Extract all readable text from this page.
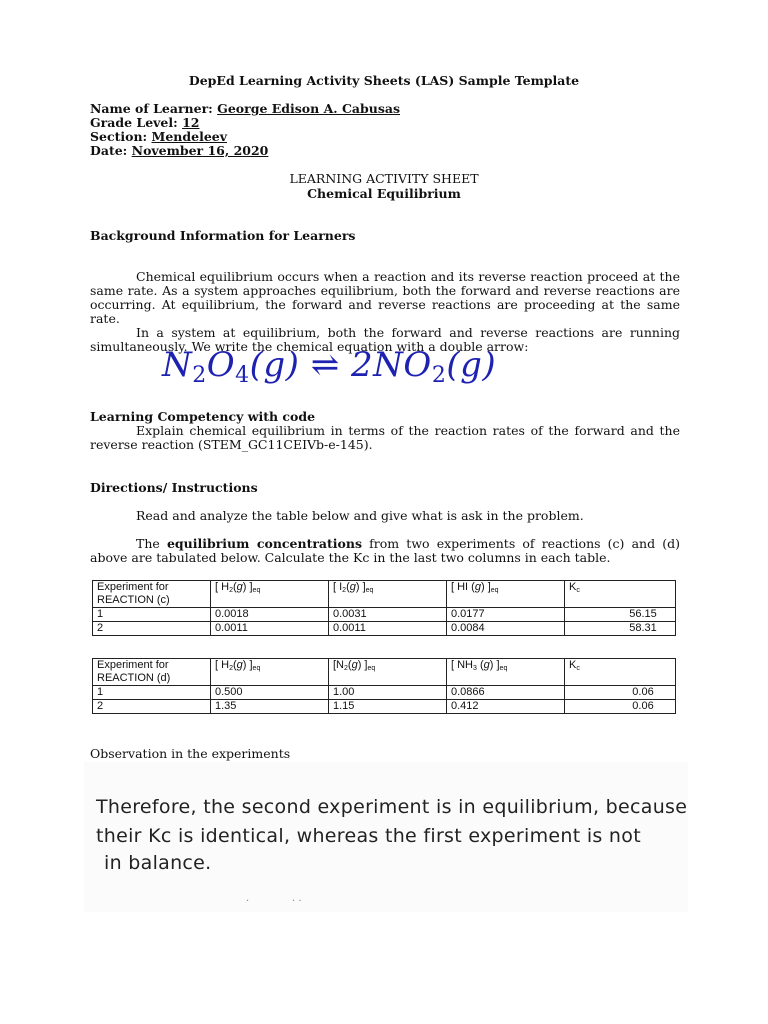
DepEd Learning Activity Sheets (LAS) Sample Template
Name of Learner: George Edison A. Cabusas
Grade Level: 12
Section: Mendeleev
Date: November 16, 2020
LEARNING ACTIVITY SHEET
Chemical Equilibrium
Background Information for Learners

Chemical equilibrium occurs when a reaction and its reverse reaction proceed at the same rate. As a system approaches equilibrium, both the forward and reverse reactions are occurring. At equilibrium, the forward and reverse reactions are proceeding at the same rate.

In a system at equilibrium, both the forward and reverse reactions are running simultaneously. We write the chemical equation with a double arrow:

$N_2O_4(g)$ ⇌ $2NO_2(g)$
Learning Competency with code
Explain chemical equilibrium in terms of the reaction rates of the forward and the reverse reaction (STEM_GC11CEIVb-e-145).
Directions/ Instructions
Read and analyze the table below and give what is ask in the problem.

The equilibrium concentrations from two experiments of reactions (c) and (d) above are tabulated below. Calculate the Kc in the last two columns in each table.

Experiment for REACTION (c)	[ $H_2(g)$ ]$_{eq}$	[ $I_2(g)$ ]$_{eq}$	[ HI (g) ]$_{eq}$	$K_c$
1	0.0018	0.0031	0.0177	56.15
2	0.0011	0.0011	0.0084	58.31
Experiment for REACTION (d)	[ $H_2(g)$ ]$_{eq}$	[$N_2(g)$ ]$_{eq}$	[ $NH_3$ (g) ]$_{eq}$	$K_c$
1	0.500	1.00	0.0866	0.06
2	1.35	1.15	0.412	0.06
Observation in the experiments
Therefore, the second experiment is in equilibrium, because
their Kc is identical, whereas the first experiment is not
in balance.
·	· ·
